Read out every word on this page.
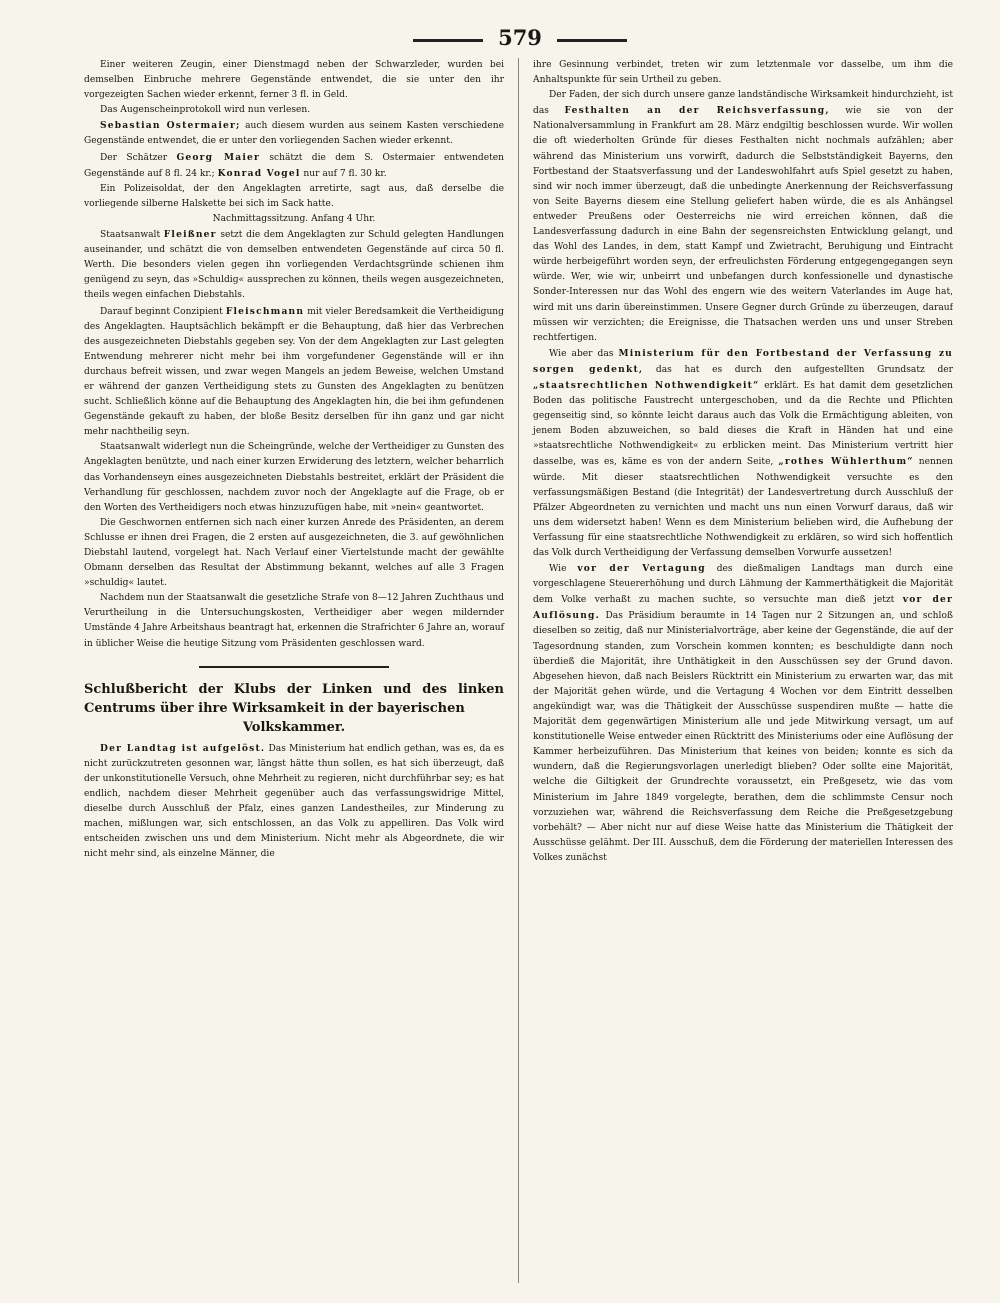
579

Einer weiteren Zeugin, einer Dienstmagd neben der Schwarzleder, wurden bei demselben Einbruche mehrere Gegenstände entwendet, die sie unter den ihr vorgezeigten Sachen wieder erkennt, ferner 3 fl. in Geld.

Das Augenscheinprotokoll wird nun verlesen.

Sebastian Ostermaier; auch diesem wurden aus seinem Kasten verschiedene Gegenstände entwendet, die er unter den vorliegenden Sachen wieder erkennt.

Der Schätzer Georg Maier schätzt die dem S. Ostermaier entwendeten Gegenstände auf 8 fl. 24 kr.; Konrad Vogel nur auf 7 fl. 30 kr.

Ein Polizeisoldat, der den Angeklagten arretirte, sagt aus, daß derselbe die vorliegende silberne Halskette bei sich im Sack hatte.

Nachmittagssitzung. Anfang 4 Uhr.

Staatsanwalt Fleißner setzt die dem Angeklagten zur Schuld gelegten Handlungen auseinander, und schätzt die von demselben entwendeten Gegenstände auf circa 50 fl. Werth. Die besonders vielen gegen ihn vorliegenden Verdachtsgründe schienen ihm genügend zu seyn, das »Schuldig« aussprechen zu können, theils wegen ausgezeichneten, theils wegen einfachen Diebstahls.

Darauf beginnt Conzipient Fleischmann mit vieler Beredsamkeit die Vertheidigung des Angeklagten. Hauptsächlich bekämpft er die Behauptung, daß hier das Verbrechen des ausgezeichneten Diebstahls gegeben sey. Von der dem Angeklagten zur Last gelegten Entwendung mehrerer nicht mehr bei ihm vorgefundener Gegenstände will er ihn durchaus befreit wissen, und zwar wegen Mangels an jedem Beweise, welchen Umstand er während der ganzen Vertheidigung stets zu Gunsten des Angeklagten zu benützen sucht. Schließlich könne auf die Behauptung des Angeklagten hin, die bei ihm gefundenen Gegenstände gekauft zu haben, der bloße Besitz derselben für ihn ganz und gar nicht mehr nachtheilig seyn.

Staatsanwalt widerlegt nun die Scheingründe, welche der Vertheidiger zu Gunsten des Angeklagten benützte, und nach einer kurzen Erwiderung des letztern, welcher beharrlich das Vorhandenseyn eines ausgezeichneten Diebstahls bestreitet, erklärt der Präsident die Verhandlung für geschlossen, nachdem zuvor noch der Angeklagte auf die Frage, ob er den Worten des Vertheidigers noch etwas hinzuzufügen habe, mit »nein« geantwortet.

Die Geschwornen entfernen sich nach einer kurzen Anrede des Präsidenten, an derem Schlusse er ihnen drei Fragen, die 2 ersten auf ausgezeichneten, die 3. auf gewöhnlichen Diebstahl lautend, vorgelegt hat. Nach Verlauf einer Viertelstunde macht der gewählte Obmann derselben das Resultat der Abstimmung bekannt, welches auf alle 3 Fragen »schuldig« lautet.

Nachdem nun der Staatsanwalt die gesetzliche Strafe von 8—12 Jahren Zuchthaus und Verurtheilung in die Untersuchungskosten, Vertheidiger aber wegen mildernder Umstände 4 Jahre Arbeitshaus beantragt hat, erkennen die Strafrichter 6 Jahre an, worauf in üblicher Weise die heutige Sitzung vom Präsidenten geschlossen ward.

Schlußbericht der Klubs der Linken und des linken Centrums über ihre Wirksamkeit in der bayerischen

Volkskammer.

Der Landtag ist aufgelöst. Das Ministerium hat endlich gethan, was es, da es nicht zurückzutreten gesonnen war, längst hätte thun sollen, es hat sich überzeugt, daß der unkonstitutionelle Versuch, ohne Mehrheit zu regieren, nicht durchführbar sey; es hat endlich, nachdem dieser Mehrheit gegenüber auch das verfassungswidrige Mittel, dieselbe durch Ausschluß der Pfalz, eines ganzen Landestheiles, zur Minderung zu machen, mißlungen war, sich entschlossen, an das Volk zu appelliren. Das Volk wird entscheiden zwischen uns und dem Ministerium. Nicht mehr als Abgeordnete, die wir nicht mehr sind, als einzelne Männer, die

ihre Gesinnung verbindet, treten wir zum letztenmale vor dasselbe, um ihm die Anhaltspunkte für sein Urtheil zu geben.

Der Faden, der sich durch unsere ganze landständische Wirksamkeit hindurchzieht, ist das Festhalten an der Reichsverfassung, wie sie von der Nationalversammlung in Frankfurt am 28. März endgiltig beschlossen wurde. Wir wollen die oft wiederholten Gründe für dieses Festhalten nicht nochmals aufzählen; aber während das Ministerium uns vorwirft, dadurch die Selbstständigkeit Bayerns, den Fortbestand der Staatsverfassung und der Landeswohlfahrt aufs Spiel gesetzt zu haben, sind wir noch immer überzeugt, daß die unbedingte Anerkennung der Reichsverfassung von Seite Bayerns diesem eine Stellung geliefert haben würde, die es als Anhängsel entweder Preußens oder Oesterreichs nie wird erreichen können, daß die Landesverfassung dadurch in eine Bahn der segensreichsten Entwicklung gelangt, und das Wohl des Landes, in dem, statt Kampf und Zwietracht, Beruhigung und Eintracht würde herbeigeführt worden seyn, der erfreulichsten Förderung entgegengegangen seyn würde. Wer, wie wir, unbeirrt und unbefangen durch konfessionelle und dynastische Sonder-Interessen nur das Wohl des engern wie des weitern Vaterlandes im Auge hat, wird mit uns darin übereinstimmen. Unsere Gegner durch Gründe zu überzeugen, darauf müssen wir verzichten; die Ereignisse, die Thatsachen werden uns und unser Streben rechtfertigen.

Wie aber das Ministerium für den Fortbestand der Verfassung zu sorgen gedenkt, das hat es durch den aufgestellten Grundsatz der „staatsrechtlichen Nothwendigkeit“ erklärt. Es hat damit dem gesetzlichen Boden das politische Faustrecht untergeschoben, und da die Rechte und Pflichten gegenseitig sind, so könnte leicht daraus auch das Volk die Ermächtigung ableiten, von jenem Boden abzuweichen, so bald dieses die Kraft in Händen hat und eine »staatsrechtliche Nothwendigkeit« zu erblicken meint. Das Ministerium vertritt hier dasselbe, was es, käme es von der andern Seite, „rothes Wühlerthum“ nennen würde. Mit dieser staatsrechtlichen Nothwendigkeit versuchte es den verfassungsmäßigen Bestand (die Integrität) der Landesvertretung durch Ausschluß der Pfälzer Abgeordneten zu vernichten und macht uns nun einen Vorwurf daraus, daß wir uns dem widersetzt haben! Wenn es dem Ministerium belieben wird, die Aufhebung der Verfassung für eine staatsrechtliche Nothwendigkeit zu erklären, so wird sich hoffentlich das Volk durch Vertheidigung der Verfassung demselben Vorwurfe aussetzen!

Wie vor der Vertagung des dießmaligen Landtags man durch eine vorgeschlagene Steuererhöhung und durch Lähmung der Kammerthätigkeit die Majorität dem Volke verhaßt zu machen suchte, so versuchte man dieß jetzt vor der Auflösung. Das Präsidium beraumte in 14 Tagen nur 2 Sitzungen an, und schloß dieselben so zeitig, daß nur Ministerialvorträge, aber keine der Gegenstände, die auf der Tagesordnung standen, zum Vorschein kommen konnten; es beschuldigte dann noch überdieß die Majorität, ihre Unthätigkeit in den Ausschüssen sey der Grund davon. Abgesehen hievon, daß nach Beislers Rücktritt ein Ministerium zu erwarten war, das mit der Majorität gehen würde, und die Vertagung 4 Wochen vor dem Eintritt desselben angekündigt war, was die Thätigkeit der Ausschüsse suspendiren mußte — hatte die Majorität dem gegenwärtigen Ministerium alle und jede Mitwirkung versagt, um auf konstitutionelle Weise entweder einen Rücktritt des Ministeriums oder eine Auflösung der Kammer herbeizuführen. Das Ministerium that keines von beiden; konnte es sich da wundern, daß die Regierungsvorlagen unerledigt blieben? Oder sollte eine Majorität, welche die Giltigkeit der Grundrechte voraussetzt, ein Preßgesetz, wie das vom Ministerium im Jahre 1849 vorgelegte, berathen, dem die schlimmste Censur noch vorzuziehen war, während die Reichsverfassung dem Reiche die Preßgesetzgebung vorbehält? — Aber nicht nur auf diese Weise hatte das Ministerium die Thätigkeit der Ausschüsse gelähmt. Der III. Ausschuß, dem die Förderung der materiellen Interessen des Volkes zunächst
